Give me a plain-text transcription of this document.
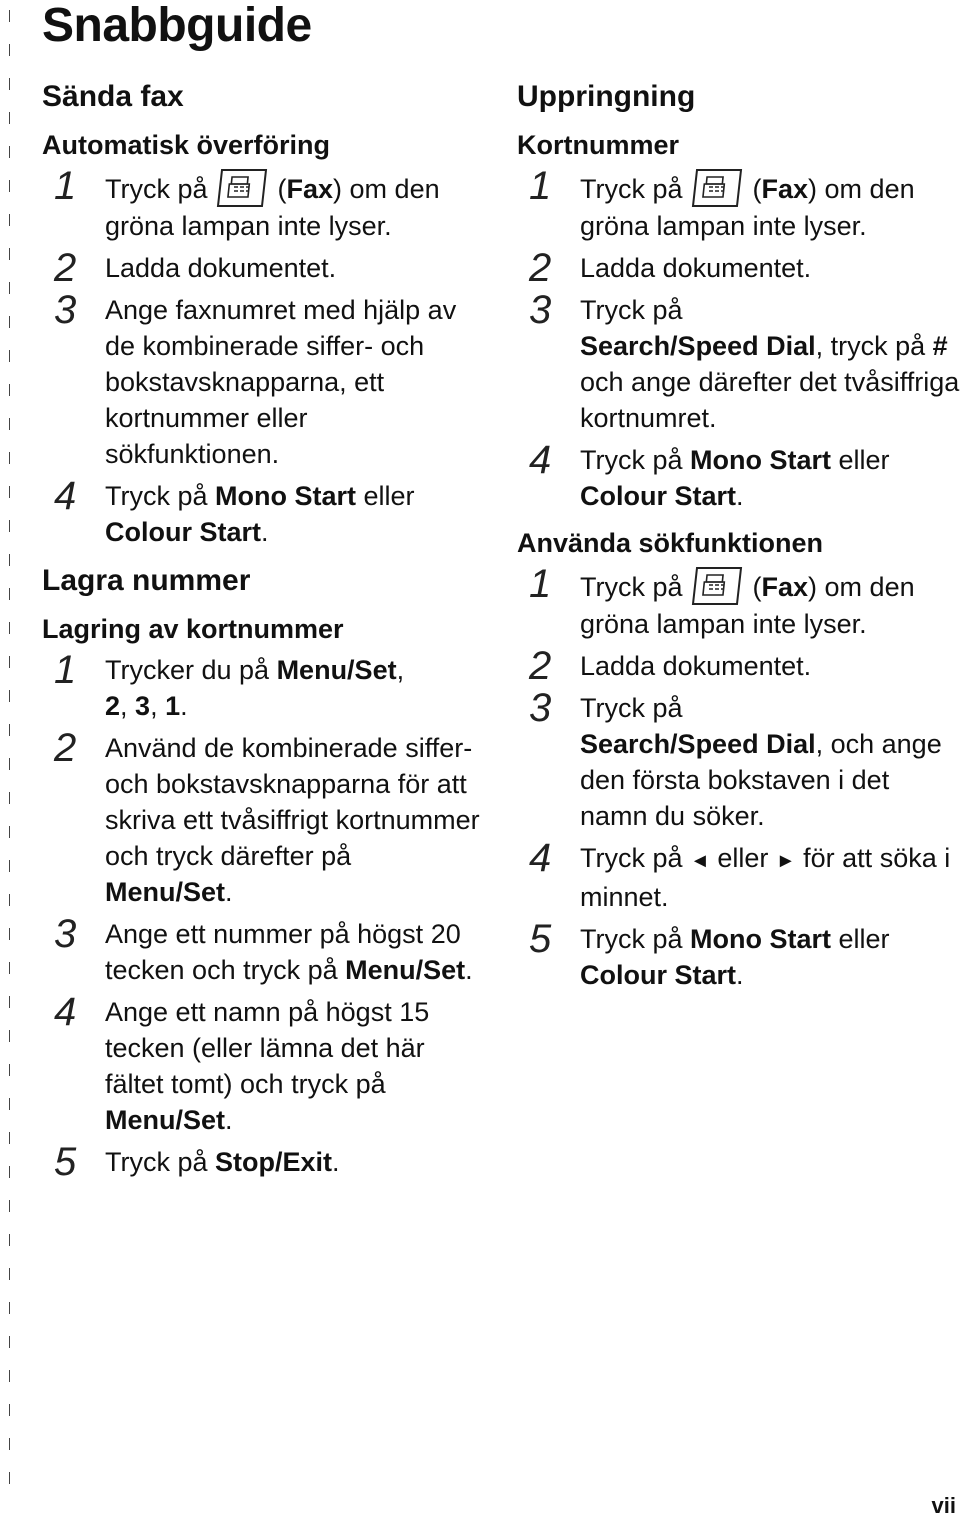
Snabbguide
Sända fax
Automatisk överföring
1	Tryck på	(Fax) om den gröna lampan inte lyser.
2	Ladda dokumentet.
3	Ange faxnumret med hjälp av de kombinerade siffer- och bokstavsknapparna, ett kortnummer eller sökfunktionen.
4	Tryck på Mono Start eller Colour Start.
Lagra nummer
Lagring av kortnummer
1	Trycker du på Menu/Set,
2, 3, 1.
2	Använd de kombinerade siffer- och bokstavsknapparna för att skriva ett tvåsiffrigt kortnummer och tryck därefter på Menu/Set.
3	Ange ett nummer på högst 20 tecken och tryck på Menu/Set.
4	Ange ett namn på högst 15 tecken (eller lämna det här fältet tomt) och tryck på Menu/Set.
5	Tryck på Stop/Exit.
Uppringning
Kortnummer
1	Tryck på	(Fax) om den gröna lampan inte lyser.
2	Ladda dokumentet.
3	Tryck på
Search/Speed Dial, tryck på # och ange därefter det tvåsiffriga kortnumret.
4	Tryck på Mono Start eller Colour Start.
Använda sökfunktionen
1	Tryck på	(Fax) om den gröna lampan inte lyser.
2	Ladda dokumentet.
3	Tryck på
Search/Speed Dial, och ange den första bokstaven i det namn du söker.
4	Tryck på ◄ eller ► för att söka i minnet.
5	Tryck på Mono Start eller Colour Start.
vii
